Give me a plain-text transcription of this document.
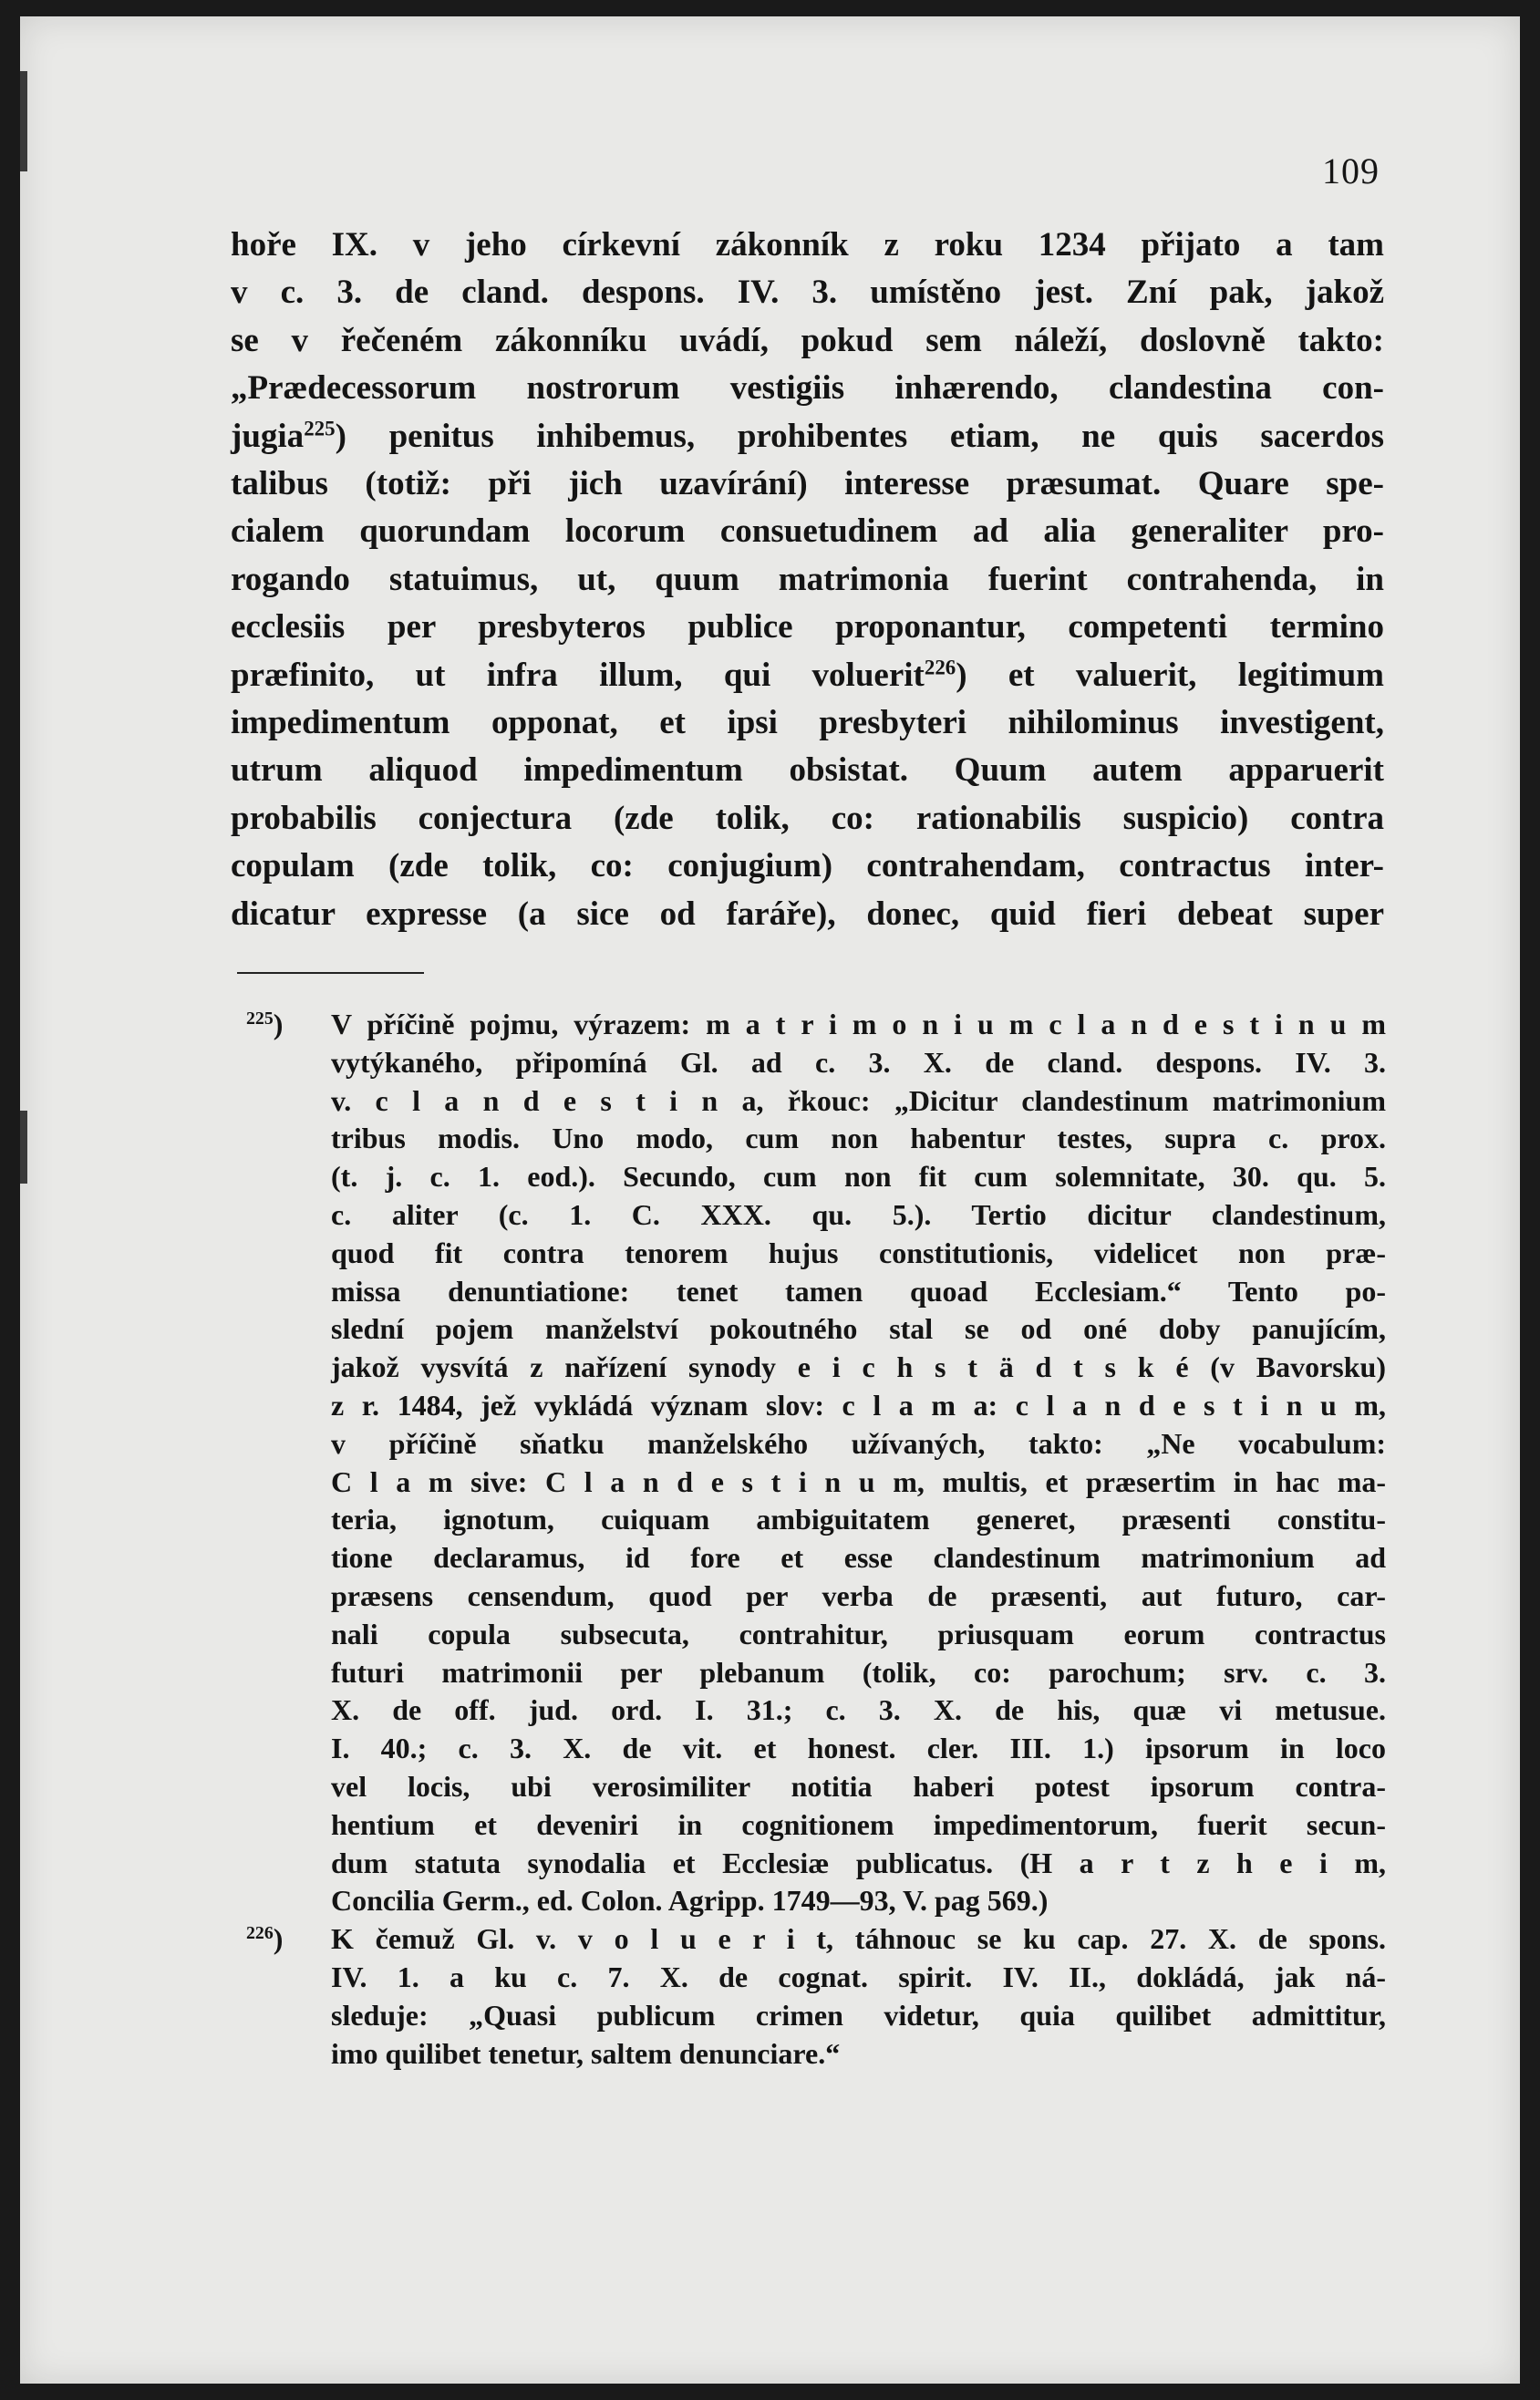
109
hoře IX. v jeho církevní zákonník z roku 1234 přijato a tam
v c. 3. de cland. despons. IV. 3. umístěno jest. Zní pak, jakož
se v řečeném zákonníku uvádí, pokud sem náleží, doslovně takto:
„Prædecessorum nostrorum vestigiis inhærendo, clandestina con-
jugia$^{225}$) penitus inhibemus, prohibentes etiam, ne quis sacerdos
talibus (totiž: při jich uzavírání) interesse præsumat. Quare spe-
cialem quorundam locorum consuetudinem ad alia generaliter pro-
rogando statuimus, ut, quum matrimonia fuerint contrahenda, in
ecclesiis per presbyteros publice proponantur, competenti termino
præfinito, ut infra illum, qui voluerit$^{226}$) et valuerit, legitimum
impedimentum opponat, et ipsi presbyteri nihilominus investigent,
utrum aliquod impedimentum obsistat. Quum autem apparuerit
probabilis conjectura (zde tolik, co: rationabilis suspicio) contra
copulam (zde tolik, co: conjugium) contrahendam, contractus inter-
dicatur expresse (a sice od faráře), donec, quid fieri debeat super
$^{225}$) V příčině pojmu, výrazem: m a t r i m o n i u m c l a n d e s t i n u m
vytýkaného, připomíná Gl. ad c. 3. X. de cland. despons. IV. 3.
v. c l a n d e s t i n a, řkouc: „Dicitur clandestinum matrimonium
tribus modis. Uno modo, cum non habentur testes, supra c. prox.
(t. j. c. 1. eod.). Secundo, cum non fit cum solemnitate, 30. qu. 5.
c. aliter (c. 1. C. XXX. qu. 5.). Tertio dicitur clandestinum,
quod fit contra tenorem hujus constitutionis, videlicet non præ-
missa denuntiatione: tenet tamen quoad Ecclesiam.“ Tento po-
slední pojem manželství pokoutného stal se od oné doby panujícím,
jakož vysvítá z nařízení synody e i c h s t ä d t s k é (v Bavorsku)
z r. 1484, jež vykládá význam slov: c l a m a: c l a n d e s t i n u m,
v příčině sňatku manželského užívaných, takto: „Ne vocabulum:
C l a m sive: C l a n d e s t i n u m, multis, et præsertim in hac ma-
teria, ignotum, cuiquam ambiguitatem generet, præsenti constitu-
tione declaramus, id fore et esse clandestinum matrimonium ad
præsens censendum, quod per verba de præsenti, aut futuro, car-
nali copula subsecuta, contrahitur, priusquam eorum contractus
futuri matrimonii per plebanum (tolik, co: parochum; srv. c. 3.
X. de off. jud. ord. I. 31.; c. 3. X. de his, quæ vi metusue.
I. 40.; c. 3. X. de vit. et honest. cler. III. 1.) ipsorum in loco
vel locis, ubi verosimiliter notitia haberi potest ipsorum contra-
hentium et deveniri in cognitionem impedimentorum, fuerit secun-
dum statuta synodalia et Ecclesiæ publicatus. (H a r t z h e i m,
Concilia Germ., ed. Colon. Agripp. 1749—93, V. pag 569.)
$^{226}$) K čemuž Gl. v. v o l u e r i t, táhnouc se ku cap. 27. X. de spons.
IV. 1. a ku c. 7. X. de cognat. spirit. IV. II., dokládá, jak ná-
sleduje: „Quasi publicum crimen videtur, quia quilibet admittitur,
imo quilibet tenetur, saltem denunciare.“
